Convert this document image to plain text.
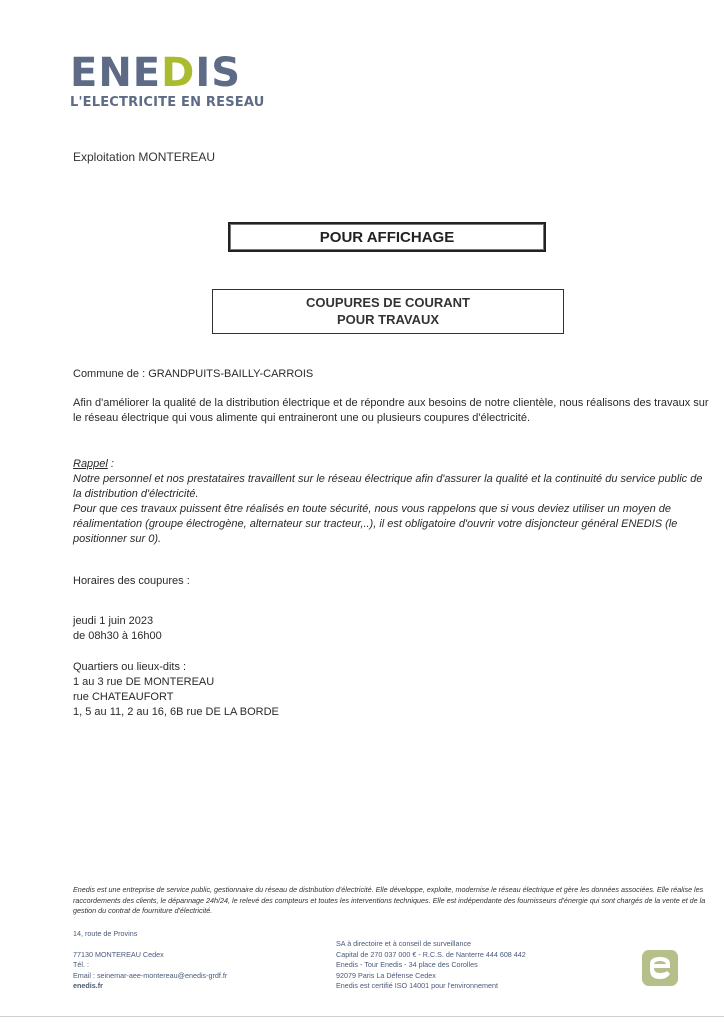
ENEDIS
L'ELECTRICITE EN RESEAU
Exploitation MONTEREAU
POUR AFFICHAGE
COUPURES DE COURANT
POUR TRAVAUX
Commune de : GRANDPUITS-BAILLY-CARROIS
Afin d'améliorer la qualité de la distribution électrique et de répondre aux besoins de notre clientèle, nous réalisons des travaux sur le réseau électrique qui vous alimente qui entraineront une ou plusieurs coupures d'électricité.
Rappel :
Notre personnel et nos prestataires travaillent sur le réseau électrique afin d'assurer la qualité et la continuité du service public de la distribution d'électricité.
Pour que ces travaux puissent être réalisés en toute sécurité, nous vous rappelons que si vous deviez utiliser un moyen de réalimentation (groupe électrogène, alternateur sur tracteur,..), il est obligatoire d'ouvrir votre disjoncteur général ENEDIS (le positionner sur 0).
Horaires des coupures :
jeudi 1 juin 2023
de 08h30 à 16h00
Quartiers ou lieux-dits :
1 au 3 rue DE MONTEREAU
rue CHATEAUFORT
1, 5 au 11, 2 au 16, 6B rue DE LA BORDE
Enedis est une entreprise de service public, gestionnaire du réseau de distribution d'électricité. Elle développe, exploite, modernise le réseau électrique et gère les données associées. Elle réalise les raccordements des clients, le dépannage 24h/24, le relevé des compteurs et toutes les interventions techniques. Elle est indépendante des fournisseurs d'énergie qui sont chargés de la vente et de la gestion du contrat de fourniture d'électricité.
14, route de Provins
77130 MONTEREAU Cedex
Tél. :
Email : seinemar-aee-montereau@enedis-grdf.fr
enedis.fr
SA à directoire et à conseil de surveillance
Capital de 270 037 000 € - R.C.S. de Nanterre 444 608 442
Enedis - Tour Enedis - 34 place des Corolles
92079 Paris La Défense Cedex
Enedis est certifié ISO 14001 pour l'environnement
